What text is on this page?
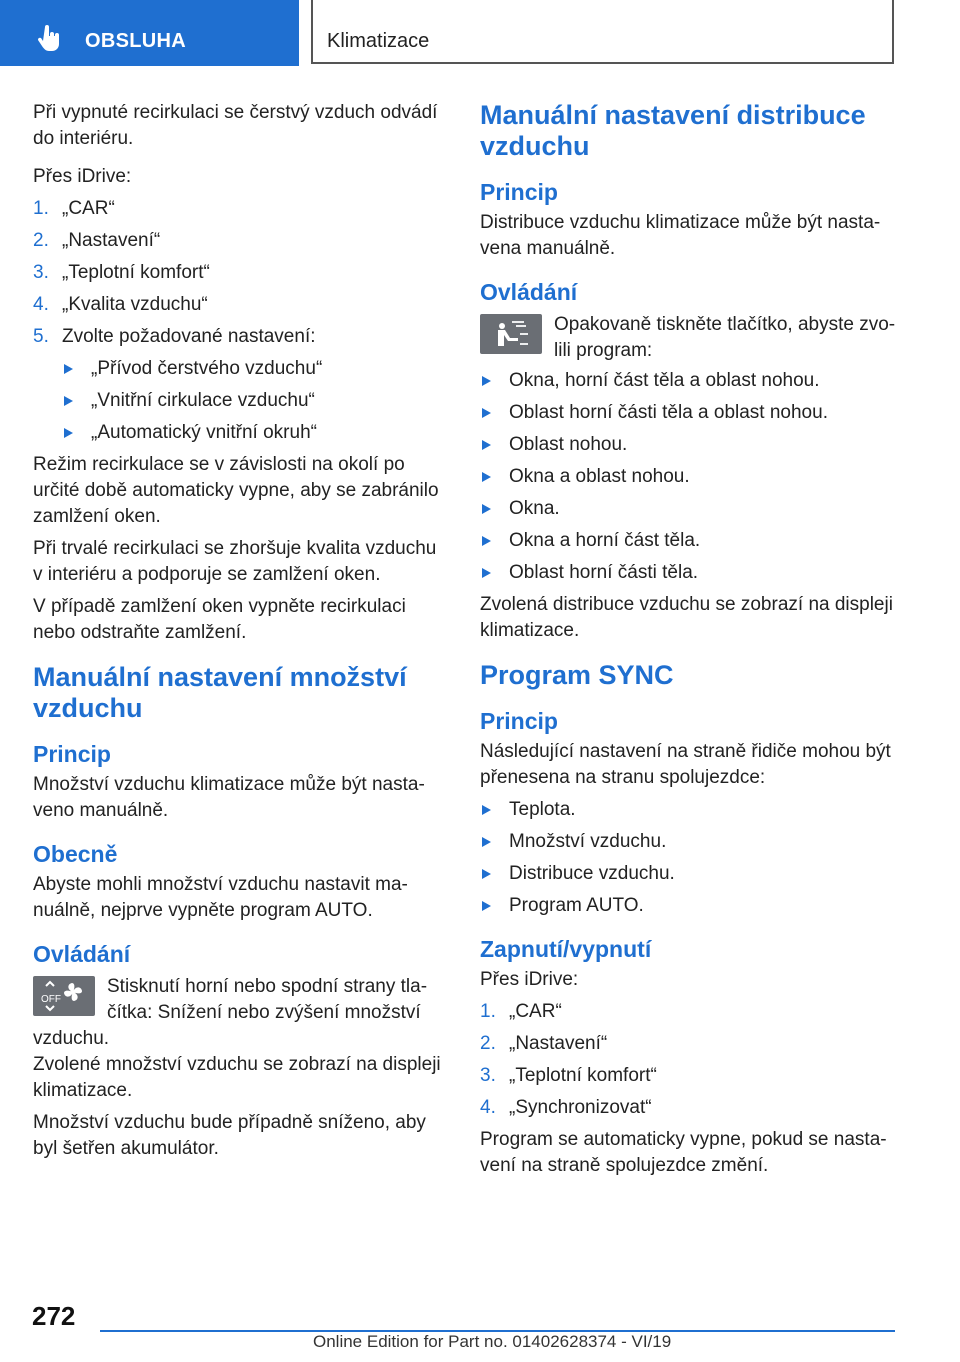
OBSLUHA	Klimatizace

Při vypnuté recirkulaci se čerstvý vzduch odvádí do interiéru.

Přes iDrive:

1. „CAR“
2. „Nastavení“
3. „Teplotní komfort“
4. „Kvalita vzduchu“
5. Zvolte požadované nastavení:
„Přívod čerstvého vzduchu“
„Vnitřní cirkulace vzduchu“
„Automatický vnitřní okruh“

Režim recirkulace se v závislosti na okolí po určité době automaticky vypne, aby se zabránilo zamlžení oken.

Při trvalé recirkulaci se zhoršuje kvalita vzduchu v interiéru a podporuje se zamlžení oken.

V případě zamlžení oken vypněte recirkulaci nebo odstraňte zamlžení.

Manuální nastavení množství vzduchu
Princip

Množství vzduchu klimatizace může být nastaveno manuálně.

Obecně

Abyste mohli množství vzduchu nastavit manuálně, nejprve vypněte program AUTO.

Ovládání
OFF
Stisknutí horní nebo spodní strany tlačítka: Snížení nebo zvýšení množství vzduchu.

Zvolené množství vzduchu se zobrazí na displeji klimatizace.

Množství vzduchu bude případně sníženo, aby byl šetřen akumulátor.

Manuální nastavení distribuce vzduchu
Princip

Distribuce vzduchu klimatizace může být nastavena manuálně.

Ovládání
Opakovaně tiskněte tlačítko, abyste zvolili program:
Okna, horní část těla a oblast nohou.
Oblast horní části těla a oblast nohou.
Oblast nohou.
Okna a oblast nohou.
Okna.
Okna a horní část těla.
Oblast horní části těla.

Zvolená distribuce vzduchu se zobrazí na displeji klimatizace.

Program SYNC
Princip

Následující nastavení na straně řidiče mohou být přenesena na stranu spolujezdce:

Teplota.
Množství vzduchu.
Distribuce vzduchu.
Program AUTO.
Zapnutí/vypnutí

Přes iDrive:

1. „CAR“
2. „Nastavení“
3. „Teplotní komfort“
4. „Synchronizovat“

Program se automaticky vypne, pokud se nastavení na straně spolujezdce změní.

272
Online Edition for Part no. 01402628374 - VI/19
